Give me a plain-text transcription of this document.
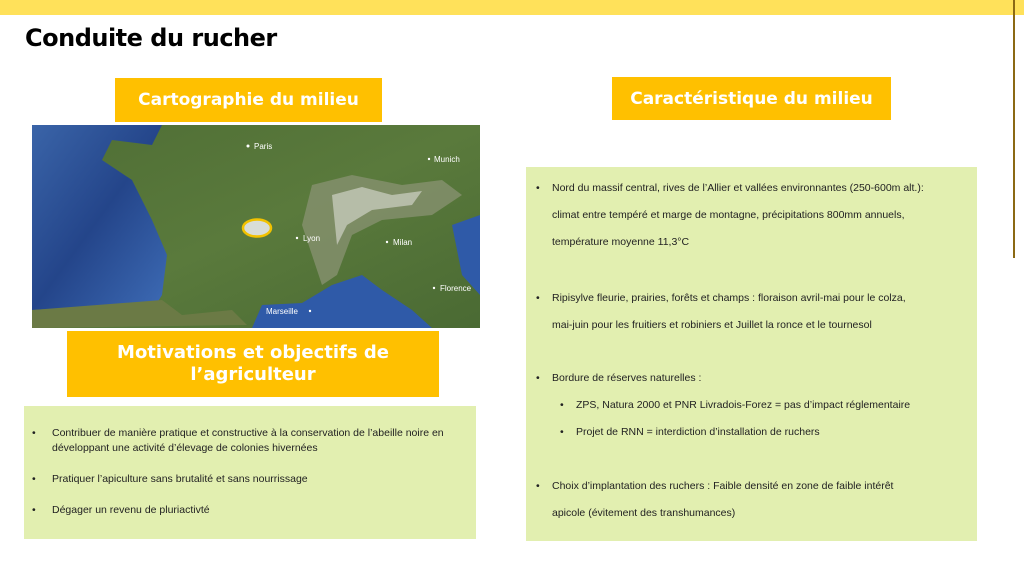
Conduite du rucher
Cartographie du milieu	Caractéristique du milieu
Paris
Munich
Lyon	Milan
Florence
Marseille
Motivations et objectifs de l’agriculteur
• Contribuer de manière pratique et constructive à la conservation de l’abeille noire en développant une activité d’élevage de colonies hivernées
• Pratiquer l’apiculture sans brutalité et sans nourrissage
• Dégager un revenu de pluriactivté
• Nord du massif central, rives de l’Allier et vallées environnantes (250-600m alt.):
climat entre tempéré et marge de montagne, précipitations 800mm annuels,
température moyenne 11,3°C
• Ripisylve fleurie, prairies, forêts et champs : floraison avril-mai pour le colza,
mai-juin pour les fruitiers et robiniers et Juillet la ronce et le tournesol
• Bordure de réserves naturelles :
• ZPS, Natura 2000 et PNR Livradois-Forez = pas d’impact réglementaire
• Projet de RNN = interdiction d’installation de ruchers
• Choix d’implantation des ruchers : Faible densité en zone de faible intérêt
apicole (évitement des transhumances)
